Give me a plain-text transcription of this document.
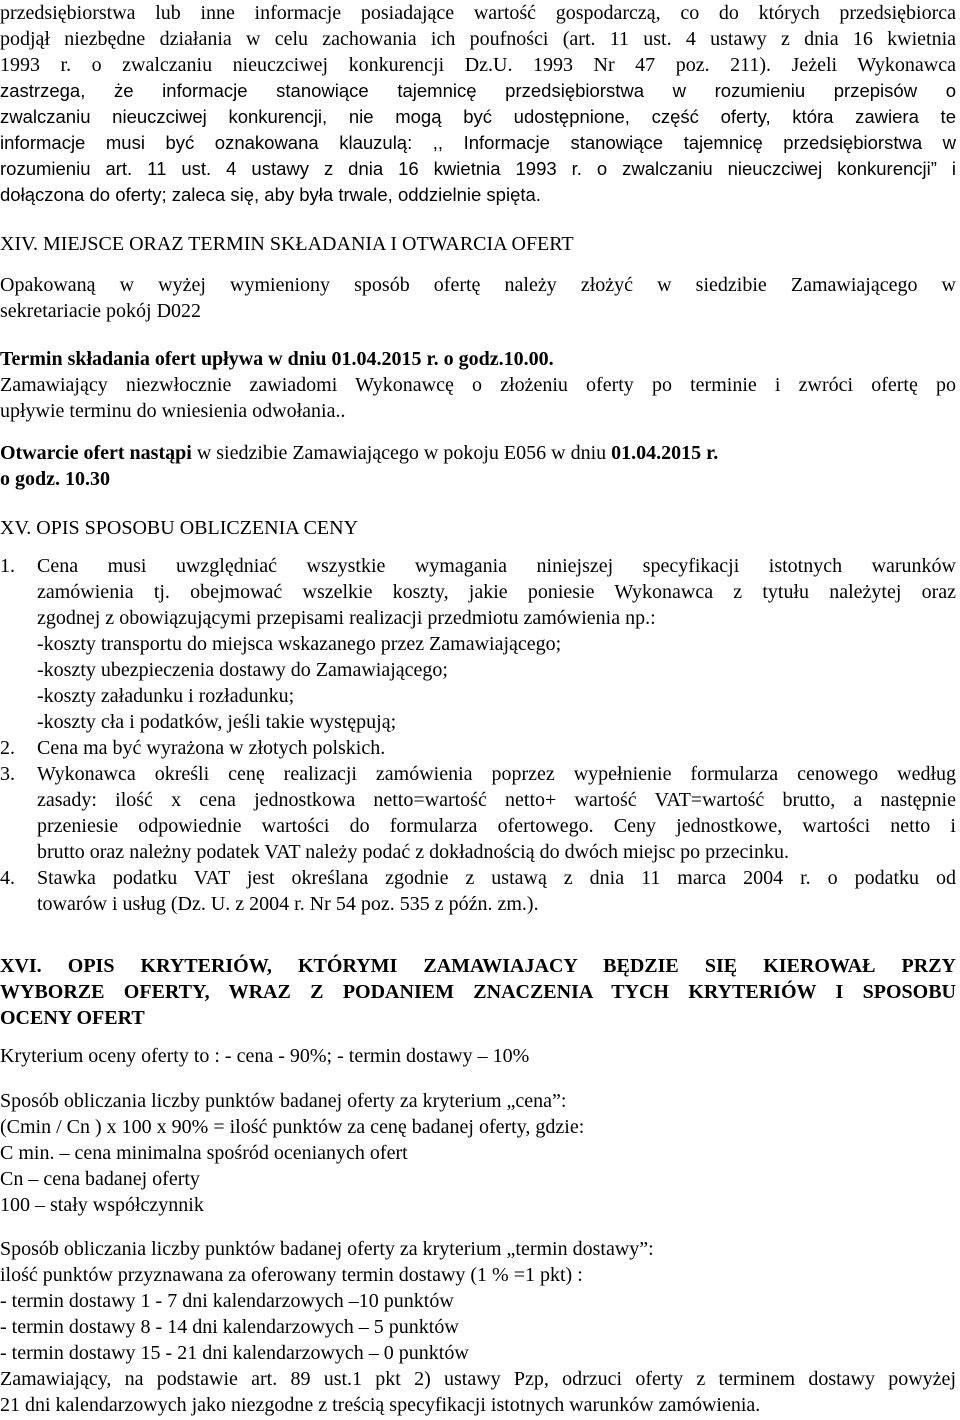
przedsiębiorstwa lub inne informacje posiadające wartość gospodarczą, co do których przedsiębiorca

podjął niezbędne działania w celu zachowania ich poufności (art. 11 ust. 4 ustawy z dnia 16 kwietnia

1993 r. o zwalczaniu nieuczciwej konkurencji Dz.U. 1993 Nr 47 poz. 211). Jeżeli Wykonawca

zastrzega, że informacje stanowiące tajemnicę przedsiębiorstwa w rozumieniu przepisów o

zwalczaniu nieuczciwej konkurencji, nie mogą być udostępnione, część oferty, która zawiera te

informacje musi być oznakowana klauzulą: ,, Informacje stanowiące tajemnicę przedsiębiorstwa w

rozumieniu art. 11 ust. 4 ustawy z dnia 16 kwietnia 1993 r. o zwalczaniu nieuczciwej konkurencji” i

dołączona do oferty; zaleca się, aby była trwale, oddzielnie spięta.

XIV. MIEJSCE ORAZ TERMIN SKŁADANIA I OTWARCIA OFERT

Opakowaną w wyżej wymieniony sposób ofertę należy złożyć w siedzibie Zamawiającego w

sekretariacie pokój D022

Termin składania ofert upływa w dniu 01.04.2015 r. o godz.10.00.

Zamawiający niezwłocznie zawiadomi Wykonawcę o złożeniu oferty po terminie i zwróci ofertę po

upływie terminu do wniesienia odwołania..

Otwarcie ofert nastąpi w siedzibie Zamawiającego w pokoju E056 w dniu 01.04.2015 r.

o godz. 10.30

XV. OPIS SPOSOBU OBLICZENIA CENY

1. Cena musi uwzględniać wszystkie wymagania niniejszej specyfikacji istotnych warunków

zamówienia tj. obejmować wszelkie koszty, jakie poniesie Wykonawca z tytułu należytej oraz

zgodnej z obowiązującymi przepisami realizacji przedmiotu zamówienia np.:

-koszty transportu do miejsca wskazanego przez Zamawiającego;

-koszty ubezpieczenia dostawy do Zamawiającego;

-koszty załadunku i rozładunku;

-koszty cła i podatków, jeśli takie występują;

2. Cena ma być wyrażona w złotych polskich.

3. Wykonawca określi cenę realizacji zamówienia poprzez wypełnienie formularza cenowego według

zasady: ilość x cena jednostkowa netto=wartość netto+ wartość VAT=wartość brutto, a następnie

przeniesie odpowiednie wartości do formularza ofertowego. Ceny jednostkowe, wartości netto i

brutto oraz należny podatek VAT należy podać z dokładnością do dwóch miejsc po przecinku.

4. Stawka podatku VAT jest określana zgodnie z ustawą z dnia 11 marca 2004 r. o podatku od

towarów i usług (Dz. U. z 2004 r. Nr 54 poz. 535 z późn. zm.).

XVI. OPIS KRYTERIÓW, KTÓRYMI ZAMAWIAJACY BĘDZIE SIĘ KIEROWAŁ PRZY

WYBORZE OFERTY, WRAZ Z PODANIEM ZNACZENIA TYCH KRYTERIÓW I SPOSOBU

OCENY OFERT

Kryterium oceny oferty to : - cena - 90%; - termin dostawy – 10%

Sposób obliczania liczby punktów badanej oferty za kryterium „cena”:

(Cmin / Cn ) x 100 x 90% = ilość punktów za cenę badanej oferty, gdzie:

C min. – cena minimalna spośród ocenianych ofert

Cn – cena badanej oferty

100 – stały współczynnik

Sposób obliczania liczby punktów badanej oferty za kryterium „termin dostawy”:

ilość punktów przyznawana za oferowany termin dostawy (1 % =1 pkt) :

- termin dostawy 1 - 7 dni kalendarzowych –10 punktów

- termin dostawy 8 - 14 dni kalendarzowych – 5 punktów

- termin dostawy 15 - 21 dni kalendarzowych – 0 punktów

Zamawiający, na podstawie art. 89 ust.1 pkt 2) ustawy Pzp, odrzuci oferty z terminem dostawy powyżej

21 dni kalendarzowych jako niezgodne z treścią specyfikacji istotnych warunków zamówienia.
